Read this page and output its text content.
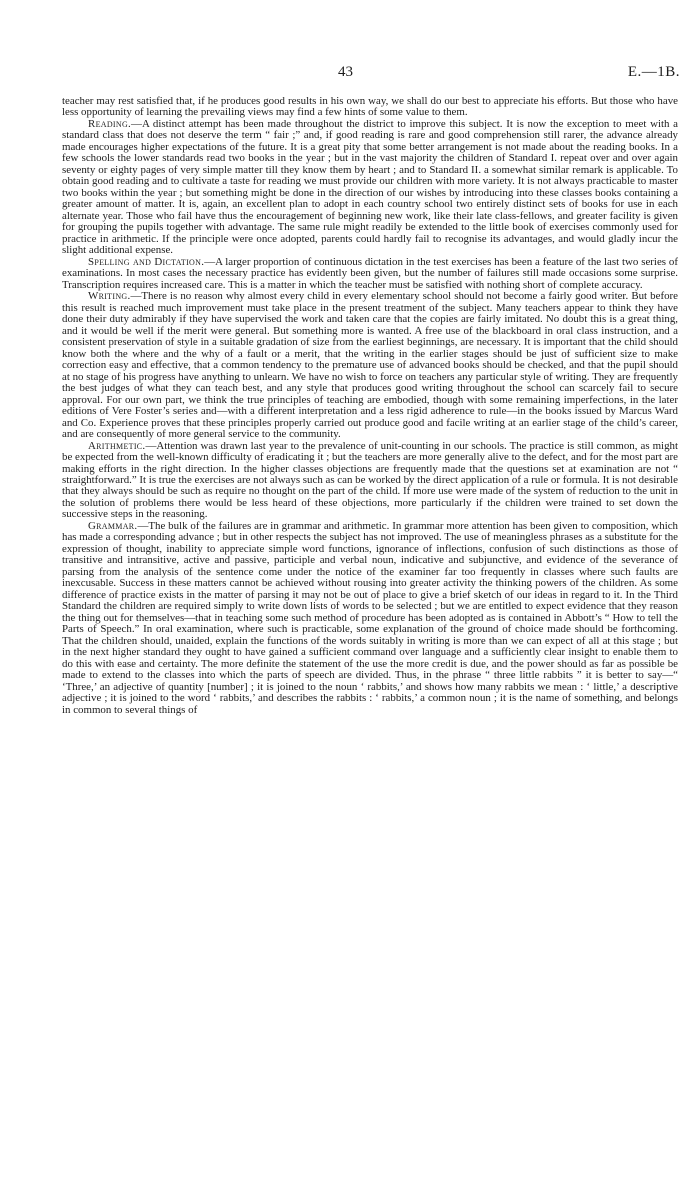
43	E.—1B.

teacher may rest satisfied that, if he produces good results in his own way, we shall do our best to appreciate his efforts. But those who have less opportunity of learning the prevailing views may find a few hints of some value to them.

Reading.—A distinct attempt has been made throughout the district to improve this subject. It is now the exception to meet with a standard class that does not deserve the term “ fair ;” and, if good reading is rare and good comprehension still rarer, the advance already made encourages higher expectations of the future. It is a great pity that some better arrangement is not made about the reading books. In a few schools the lower standards read two books in the year ; but in the vast majority the children of Standard I. repeat over and over again seventy or eighty pages of very simple matter till they know them by heart ; and to Standard II. a somewhat similar remark is applicable. To obtain good reading and to cultivate a taste for reading we must provide our children with more variety. It is not always practicable to master two books within the year ; but something might be done in the direction of our wishes by introducing into these classes books containing a greater amount of matter. It is, again, an excellent plan to adopt in each country school two entirely distinct sets of books for use in each alternate year. Those who fail have thus the encouragement of beginning new work, like their late class-fellows, and greater facility is given for grouping the pupils together with advantage. The same rule might readily be extended to the little book of exercises commonly used for practice in arithmetic. If the principle were once adopted, parents could hardly fail to recognise its advantages, and would gladly incur the slight additional expense.

Spelling and Dictation.—A larger proportion of continuous dictation in the test exercises has been a feature of the last two series of examinations. In most cases the necessary practice has evidently been given, but the number of failures still made occasions some surprise. Transcription requires increased care. This is a matter in which the teacher must be satisfied with nothing short of complete accuracy.

Writing.—There is no reason why almost every child in every elementary school should not become a fairly good writer. But before this result is reached much improvement must take place in the present treatment of the subject. Many teachers appear to think they have done their duty admirably if they have supervised the work and taken care that the copies are fairly imitated. No doubt this is a great thing, and it would be well if the merit were general. But something more is wanted. A free use of the blackboard in oral class instruction, and a consistent preservation of style in a suitable gradation of size from the earliest beginnings, are necessary. It is important that the child should know both the where and the why of a fault or a merit, that the writing in the earlier stages should be just of sufficient size to make correction easy and effective, that a common tendency to the premature use of advanced books should be checked, and that the pupil should at no stage of his progress have anything to unlearn. We have no wish to force on teachers any particular style of writing. They are frequently the best judges of what they can teach best, and any style that produces good writing throughout the school can scarcely fail to secure approval. For our own part, we think the true principles of teaching are embodied, though with some remaining imperfections, in the later editions of Vere Foster’s series and—with a different interpretation and a less rigid adherence to rule—in the books issued by Marcus Ward and Co. Experience proves that these principles properly carried out produce good and facile writing at an earlier stage of the child’s career, and are consequently of more general service to the community.

Arithmetic.—Attention was drawn last year to the prevalence of unit-counting in our schools. The practice is still common, as might be expected from the well-known difficulty of eradicating it ; but the teachers are more generally alive to the defect, and for the most part are making efforts in the right direction. In the higher classes objections are frequently made that the questions set at examination are not “ straightforward.” It is true the exercises are not always such as can be worked by the direct application of a rule or formula. It is not desirable that they always should be such as require no thought on the part of the child. If more use were made of the system of reduction to the unit in the solution of problems there would be less heard of these objections, more particularly if the children were trained to set down the successive steps in the reasoning.

Grammar.—The bulk of the failures are in grammar and arithmetic. In grammar more attention has been given to composition, which has made a corresponding advance ; but in other respects the subject has not improved. The use of meaningless phrases as a substitute for the expression of thought, inability to appreciate simple word functions, ignorance of inflections, confusion of such distinctions as those of transitive and intransitive, active and passive, participle and verbal noun, indicative and subjunctive, and evidence of the severance of parsing from the analysis of the sentence come under the notice of the examiner far too frequently in classes where such faults are inexcusable. Success in these matters cannot be achieved without rousing into greater activity the thinking powers of the children. As some difference of practice exists in the matter of parsing it may not be out of place to give a brief sketch of our ideas in regard to it. In the Third Standard the children are required simply to write down lists of words to be selected ; but we are entitled to expect evidence that they reason the thing out for themselves—that in teaching some such method of procedure has been adopted as is contained in Abbott’s “ How to tell the Parts of Speech.” In oral examination, where such is practicable, some explanation of the ground of choice made should be forthcoming. That the children should, unaided, explain the functions of the words suitably in writing is more than we can expect of all at this stage ; but in the next higher standard they ought to have gained a sufficient command over language and a sufficiently clear insight to enable them to do this with ease and certainty. The more definite the statement of the use the more credit is due, and the power should as far as possible be made to extend to the classes into which the parts of speech are divided. Thus, in the phrase “ three little rabbits ” it is better to say—“ ‘Three,’ an adjective of quantity [number] ; it is joined to the noun ‘ rabbits,’ and shows how many rabbits we mean : ‘ little,’ a descriptive adjective ; it is joined to the word ‘ rabbits,’ and describes the rabbits : ‘ rabbits,’ a common noun ; it is the name of something, and belongs in common to several things of
